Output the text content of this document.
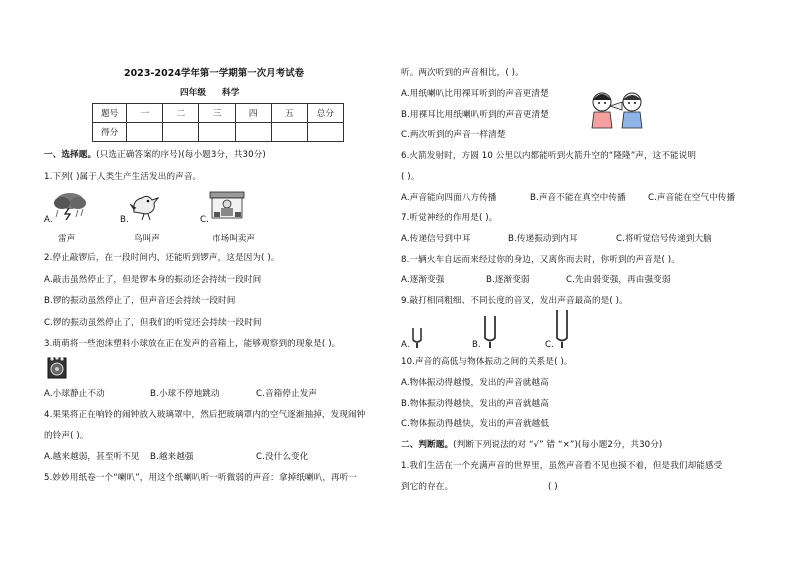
2023-2024学年第一学期第一次月考试卷
四年级 科学
题号	一	二	三	四	五	总分
得分						
一、选择题。(只选正确答案的序号)(每小题3分，共30分)
1.下列( )属于人类生产生活发出的声音。
A.
雷声
B.
鸟叫声
C.
市场叫卖声
2.停止敲锣后，在一段时间内，还能听到锣声，这是因为( )。
A.敲击虽然停止了，但是锣本身的振动还会持续一段时间
B.锣的振动虽然停止了，但声音还会持续一段时间
C.锣的振动虽然停止了，但我们的听觉还会持续一段时间
3.萌萌将一些泡沫塑料小球放在正在发声的音箱上，能够观察到的现象是( )。
A.小球静止不动	B.小球不停地跳动	C.音箱停止发声
4.果果将正在响铃的闹钟放入玻璃罩中，然后把玻璃罩内的空气逐渐抽掉，发现闹钟
的铃声( )。
A.越来越弱，甚至听不见 B.越来越强	C.没什么变化
5.妙妙用纸卷一个“喇叭”，用这个纸喇叭听一听微弱的声音：拿掉纸喇叭，再听一
听。两次听到的声音相比，( )。
A.用纸喇叭比用裸耳听到的声音更清楚
B.用裸耳比用纸喇叭听到的声音更清楚
C.两次听到的声音一样清楚
6.火箭发射时，方圆 10 公里以内都能听到火箭升空的“隆隆”声，这不能说明
( )。
A.声音能向四面八方传播	B.声音不能在真空中传播	C.声音能在空气中传播
7.听觉神经的作用是( )。
A.传递信号到中耳	B.传递振动到内耳	C.将听觉信号传递到大脑
8.一辆火车自远而来经过你的身边，又离你而去时，你听到的声音是( )。
A.逐渐变强	B.逐渐变弱	C.先由弱变强，再由强变弱
9.敲打相同粗细、不同长度的音叉，发出声音最高的是( )。
A.	B.	C.
10.声音的高低与物体振动之间的关系是( )。
A.物体振动得越慢，发出的声音就越高
B.物体振动得越快，发出的声音就越高
C.物体振动得越快，发出的声音就越低
二、判断题。(判断下列说法的对 “√” 错 “×”)(每小题2分，共30分)
1.我们生活在一个充满声音的世界里，虽然声音看不见也摸不着，但是我们却能感受
到它的存在。	( )
